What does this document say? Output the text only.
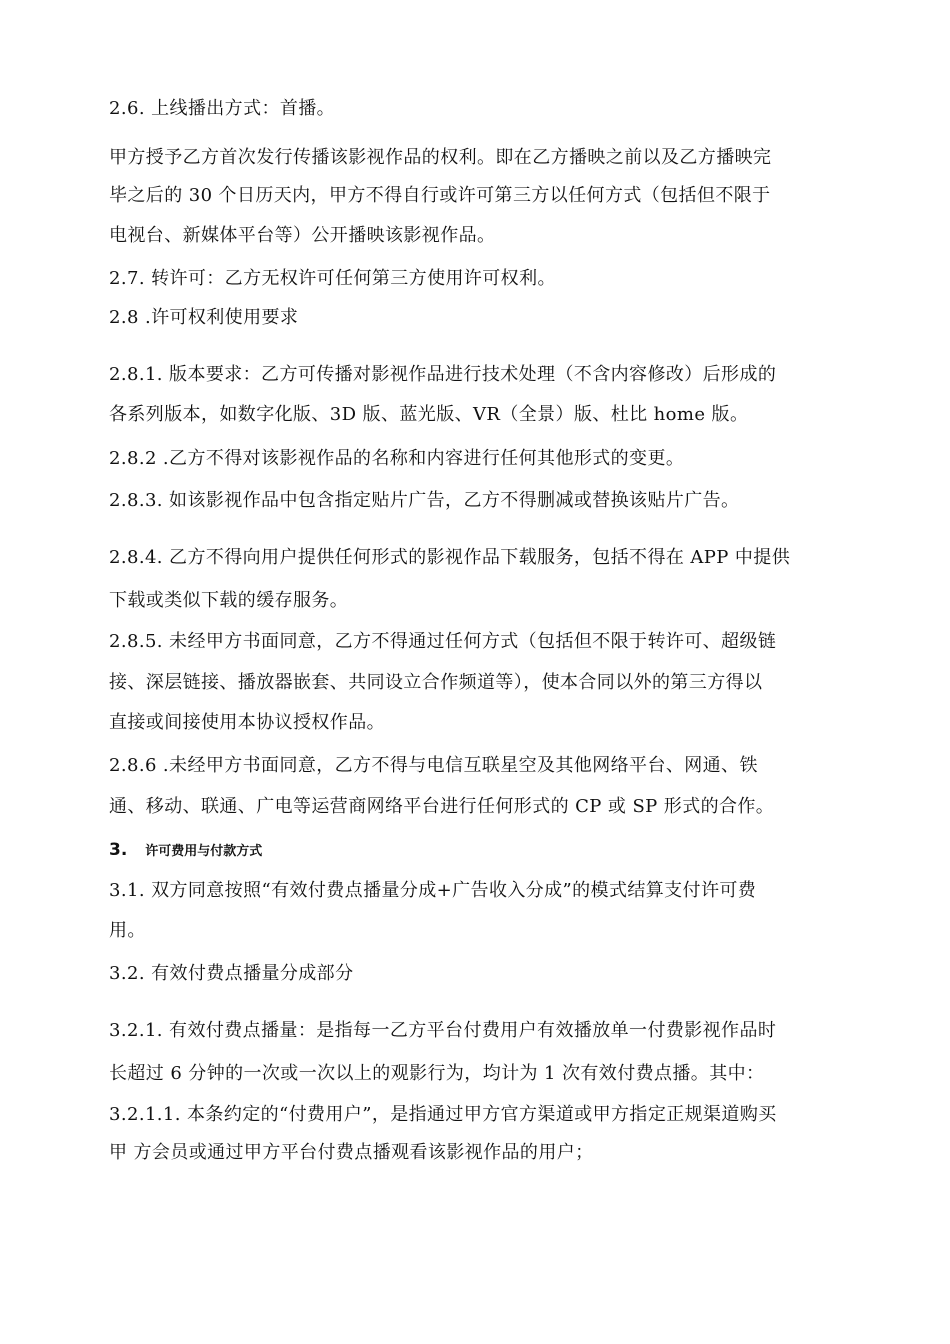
2.6. 上线播出方式：首播。
甲方授予乙方首次发行传播该影视作品的权利。即在乙方播映之前以及乙方播映完
毕之后的 30 个日历天内，甲方不得自行或许可第三方以任何方式（包括但不限于
电视台、新媒体平台等）公开播映该影视作品。
2.7. 转许可：乙方无权许可任何第三方使用许可权利。
2.8 .许可权利使用要求
2.8.1. 版本要求：乙方可传播对影视作品进行技术处理（不含内容修改）后形成的
各系列版本，如数字化版、3D 版、蓝光版、VR（全景）版、杜比 home 版。
2.8.2 .乙方不得对该影视作品的名称和内容进行任何其他形式的变更。
2.8.3. 如该影视作品中包含指定贴片广告，乙方不得删减或替换该贴片广告。
2.8.4. 乙方不得向用户提供任何形式的影视作品下载服务，包括不得在 APP 中提供
下载或类似下载的缓存服务。
2.8.5. 未经甲方书面同意，乙方不得通过任何方式（包括但不限于转许可、超级链
接、深层链接、播放器嵌套、共同设立合作频道等），使本合同以外的第三方得以
直接或间接使用本协议授权作品。
2.8.6 .未经甲方书面同意，乙方不得与电信互联星空及其他网络平台、网通、铁
通、移动、联通、广电等运营商网络平台进行任何形式的 CP 或 SP 形式的合作。
3. 许可费用与付款方式
3.1. 双方同意按照“有效付费点播量分成+广告收入分成”的模式结算支付许可费
用。
3.2. 有效付费点播量分成部分
3.2.1. 有效付费点播量：是指每一乙方平台付费用户有效播放单一付费影视作品时
长超过 6 分钟的一次或一次以上的观影行为，均计为 1 次有效付费点播。其中：
3.2.1.1. 本条约定的“付费用户”，是指通过甲方官方渠道或甲方指定正规渠道购买
甲 方会员或通过甲方平台付费点播观看该影视作品的用户；
